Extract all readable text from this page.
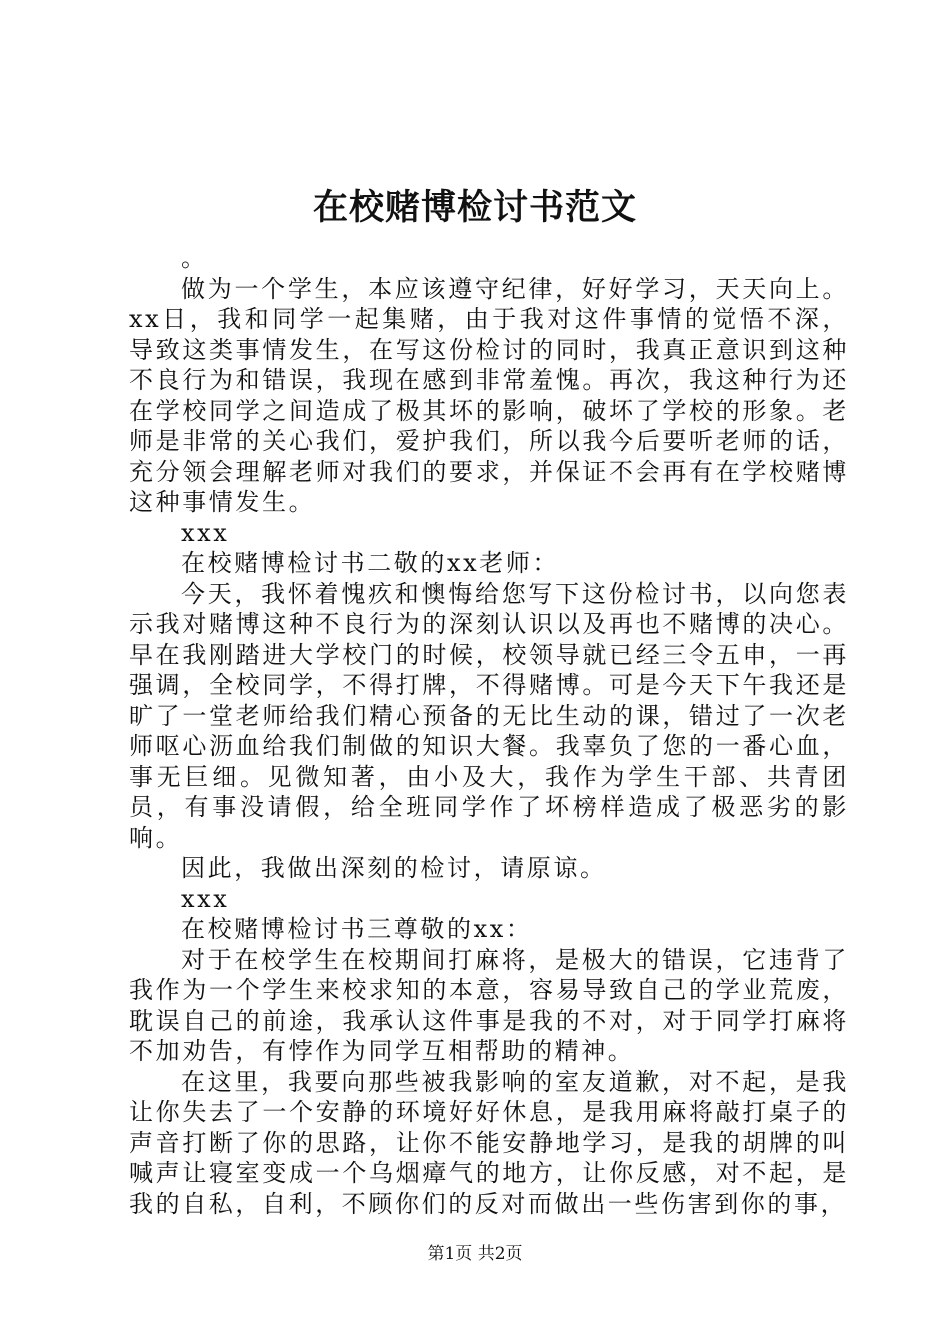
在校赌博检讨书范文

。

做为一个学生，本应该遵守纪律，好好学习，天天向上。xx日，我和同学一起集赌，由于我对这件事情的觉悟不深，导致这类事情发生，在写这份检讨的同时，我真正意识到这种不良行为和错误，我现在感到非常羞愧。再次，我这种行为还在学校同学之间造成了极其坏的影响，破坏了学校的形象。老师是非常的关心我们，爱护我们，所以我今后要听老师的话，充分领会理解老师对我们的要求，并保证不会再有在学校赌博这种事情发生。

xxx

在校赌博检讨书二敬的xx老师：

今天，我怀着愧疚和懊悔给您写下这份检讨书，以向您表示我对赌博这种不良行为的深刻认识以及再也不赌博的决心。早在我刚踏进大学校门的时候，校领导就已经三令五申，一再强调，全校同学，不得打牌，不得赌博。可是今天下午我还是旷了一堂老师给我们精心预备的无比生动的课，错过了一次老师呕心沥血给我们制做的知识大餐。我辜负了您的一番心血，事无巨细。见微知著，由小及大，我作为学生干部、共青团员，有事没请假，给全班同学作了坏榜样造成了极恶劣的影响。

因此，我做出深刻的检讨，请原谅。

xxx

在校赌博检讨书三尊敬的xx：

对于在校学生在校期间打麻将，是极大的错误，它违背了我作为一个学生来校求知的本意，容易导致自己的学业荒废，耽误自己的前途，我承认这件事是我的不对，对于同学打麻将不加劝告，有悖作为同学互相帮助的精神。

在这里，我要向那些被我影响的室友道歉，对不起，是我让你失去了一个安静的环境好好休息，是我用麻将敲打桌子的声音打断了你的思路，让你不能安静地学习，是我的胡牌的叫喊声让寝室变成一个乌烟瘴气的地方，让你反感，对不起，是我的自私，自利，不顾你们的反对而做出一些伤害到你的事，

第1页 共2页
